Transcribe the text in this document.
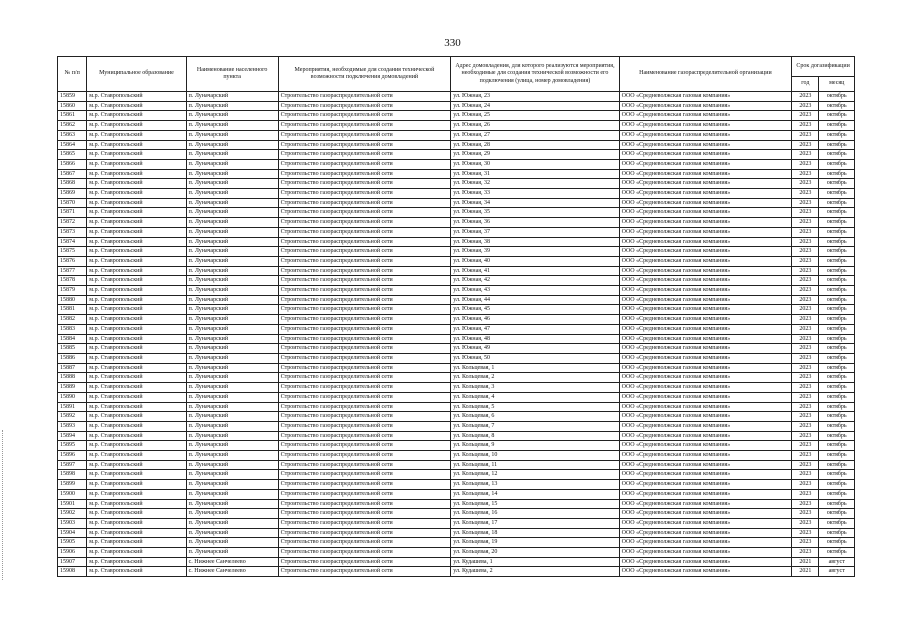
330
№ п/п	Муниципальное образование	Наименование населенного пункта	Мероприятия, необходимые для создания технической возможности подключения домовладений	Адрес домовладения, для которого реализуются мероприятия, необходимые для создания технической возможности его подключения (улица, номер домовладения)	Наименование газораспределительной организации	Срок догазификации	
						год	месяц
15859	м.р. Ставропольский	п. Луначарский	Строительство газораспределительной сети	ул. Южная, 23	ООО «Средневолжская газовая компания»	2023	октябрь
15860	м.р. Ставропольский	п. Луначарский	Строительство газораспределительной сети	ул. Южная, 24	ООО «Средневолжская газовая компания»	2023	октябрь
15861	м.р. Ставропольский	п. Луначарский	Строительство газораспределительной сети	ул. Южная, 25	ООО «Средневолжская газовая компания»	2023	октябрь
15862	м.р. Ставропольский	п. Луначарский	Строительство газораспределительной сети	ул. Южная, 26	ООО «Средневолжская газовая компания»	2023	октябрь
15863	м.р. Ставропольский	п. Луначарский	Строительство газораспределительной сети	ул. Южная, 27	ООО «Средневолжская газовая компания»	2023	октябрь
15864	м.р. Ставропольский	п. Луначарский	Строительство газораспределительной сети	ул. Южная, 28	ООО «Средневолжская газовая компания»	2023	октябрь
15865	м.р. Ставропольский	п. Луначарский	Строительство газораспределительной сети	ул. Южная, 29	ООО «Средневолжская газовая компания»	2023	октябрь
15866	м.р. Ставропольский	п. Луначарский	Строительство газораспределительной сети	ул. Южная, 30	ООО «Средневолжская газовая компания»	2023	октябрь
15867	м.р. Ставропольский	п. Луначарский	Строительство газораспределительной сети	ул. Южная, 31	ООО «Средневолжская газовая компания»	2023	октябрь
15868	м.р. Ставропольский	п. Луначарский	Строительство газораспределительной сети	ул. Южная, 32	ООО «Средневолжская газовая компания»	2023	октябрь
15869	м.р. Ставропольский	п. Луначарский	Строительство газораспределительной сети	ул. Южная, 33	ООО «Средневолжская газовая компания»	2023	октябрь
15870	м.р. Ставропольский	п. Луначарский	Строительство газораспределительной сети	ул. Южная, 34	ООО «Средневолжская газовая компания»	2023	октябрь
15871	м.р. Ставропольский	п. Луначарский	Строительство газораспределительной сети	ул. Южная, 35	ООО «Средневолжская газовая компания»	2023	октябрь
15872	м.р. Ставропольский	п. Луначарский	Строительство газораспределительной сети	ул. Южная, 36	ООО «Средневолжская газовая компания»	2023	октябрь
15873	м.р. Ставропольский	п. Луначарский	Строительство газораспределительной сети	ул. Южная, 37	ООО «Средневолжская газовая компания»	2023	октябрь
15874	м.р. Ставропольский	п. Луначарский	Строительство газораспределительной сети	ул. Южная, 38	ООО «Средневолжская газовая компания»	2023	октябрь
15875	м.р. Ставропольский	п. Луначарский	Строительство газораспределительной сети	ул. Южная, 39	ООО «Средневолжская газовая компания»	2023	октябрь
15876	м.р. Ставропольский	п. Луначарский	Строительство газораспределительной сети	ул. Южная, 40	ООО «Средневолжская газовая компания»	2023	октябрь
15877	м.р. Ставропольский	п. Луначарский	Строительство газораспределительной сети	ул. Южная, 41	ООО «Средневолжская газовая компания»	2023	октябрь
15878	м.р. Ставропольский	п. Луначарский	Строительство газораспределительной сети	ул. Южная, 42	ООО «Средневолжская газовая компания»	2023	октябрь
15879	м.р. Ставропольский	п. Луначарский	Строительство газораспределительной сети	ул. Южная, 43	ООО «Средневолжская газовая компания»	2023	октябрь
15880	м.р. Ставропольский	п. Луначарский	Строительство газораспределительной сети	ул. Южная, 44	ООО «Средневолжская газовая компания»	2023	октябрь
15881	м.р. Ставропольский	п. Луначарский	Строительство газораспределительной сети	ул. Южная, 45	ООО «Средневолжская газовая компания»	2023	октябрь
15882	м.р. Ставропольский	п. Луначарский	Строительство газораспределительной сети	ул. Южная, 46	ООО «Средневолжская газовая компания»	2023	октябрь
15883	м.р. Ставропольский	п. Луначарский	Строительство газораспределительной сети	ул. Южная, 47	ООО «Средневолжская газовая компания»	2023	октябрь
15884	м.р. Ставропольский	п. Луначарский	Строительство газораспределительной сети	ул. Южная, 48	ООО «Средневолжская газовая компания»	2023	октябрь
15885	м.р. Ставропольский	п. Луначарский	Строительство газораспределительной сети	ул. Южная, 49	ООО «Средневолжская газовая компания»	2023	октябрь
15886	м.р. Ставропольский	п. Луначарский	Строительство газораспределительной сети	ул. Южная, 50	ООО «Средневолжская газовая компания»	2023	октябрь
15887	м.р. Ставропольский	п. Луначарский	Строительство газораспределительной сети	ул. Кольцевая, 1	ООО «Средневолжская газовая компания»	2023	октябрь
15888	м.р. Ставропольский	п. Луначарский	Строительство газораспределительной сети	ул. Кольцевая, 2	ООО «Средневолжская газовая компания»	2023	октябрь
15889	м.р. Ставропольский	п. Луначарский	Строительство газораспределительной сети	ул. Кольцевая, 3	ООО «Средневолжская газовая компания»	2023	октябрь
15890	м.р. Ставропольский	п. Луначарский	Строительство газораспределительной сети	ул. Кольцевая, 4	ООО «Средневолжская газовая компания»	2023	октябрь
15891	м.р. Ставропольский	п. Луначарский	Строительство газораспределительной сети	ул. Кольцевая, 5	ООО «Средневолжская газовая компания»	2023	октябрь
15892	м.р. Ставропольский	п. Луначарский	Строительство газораспределительной сети	ул. Кольцевая, 6	ООО «Средневолжская газовая компания»	2023	октябрь
15893	м.р. Ставропольский	п. Луначарский	Строительство газораспределительной сети	ул. Кольцевая, 7	ООО «Средневолжская газовая компания»	2023	октябрь
15894	м.р. Ставропольский	п. Луначарский	Строительство газораспределительной сети	ул. Кольцевая, 8	ООО «Средневолжская газовая компания»	2023	октябрь
15895	м.р. Ставропольский	п. Луначарский	Строительство газораспределительной сети	ул. Кольцевая, 9	ООО «Средневолжская газовая компания»	2023	октябрь
15896	м.р. Ставропольский	п. Луначарский	Строительство газораспределительной сети	ул. Кольцевая, 10	ООО «Средневолжская газовая компания»	2023	октябрь
15897	м.р. Ставропольский	п. Луначарский	Строительство газораспределительной сети	ул. Кольцевая, 11	ООО «Средневолжская газовая компания»	2023	октябрь
15898	м.р. Ставропольский	п. Луначарский	Строительство газораспределительной сети	ул. Кольцевая, 12	ООО «Средневолжская газовая компания»	2023	октябрь
15899	м.р. Ставропольский	п. Луначарский	Строительство газораспределительной сети	ул. Кольцевая, 13	ООО «Средневолжская газовая компания»	2023	октябрь
15900	м.р. Ставропольский	п. Луначарский	Строительство газораспределительной сети	ул. Кольцевая, 14	ООО «Средневолжская газовая компания»	2023	октябрь
15901	м.р. Ставропольский	п. Луначарский	Строительство газораспределительной сети	ул. Кольцевая, 15	ООО «Средневолжская газовая компания»	2023	октябрь
15902	м.р. Ставропольский	п. Луначарский	Строительство газораспределительной сети	ул. Кольцевая, 16	ООО «Средневолжская газовая компания»	2023	октябрь
15903	м.р. Ставропольский	п. Луначарский	Строительство газораспределительной сети	ул. Кольцевая, 17	ООО «Средневолжская газовая компания»	2023	октябрь
15904	м.р. Ставропольский	п. Луначарский	Строительство газораспределительной сети	ул. Кольцевая, 18	ООО «Средневолжская газовая компания»	2023	октябрь
15905	м.р. Ставропольский	п. Луначарский	Строительство газораспределительной сети	ул. Кольцевая, 19	ООО «Средневолжская газовая компания»	2023	октябрь
15906	м.р. Ставропольский	п. Луначарский	Строительство газораспределительной сети	ул. Кольцевая, 20	ООО «Средневолжская газовая компания»	2023	октябрь
15907	м.р. Ставропольский	с. Нижнее Санчелеево	Строительство газораспределительной сети	ул. Кудашева, 1	ООО «Средневолжская газовая компания»	2021	август
15908	м.р. Ставропольский	с. Нижнее Санчелеево	Строительство газораспределительной сети	ул. Кудашева, 2	ООО «Средневолжская газовая компания»	2021	август
